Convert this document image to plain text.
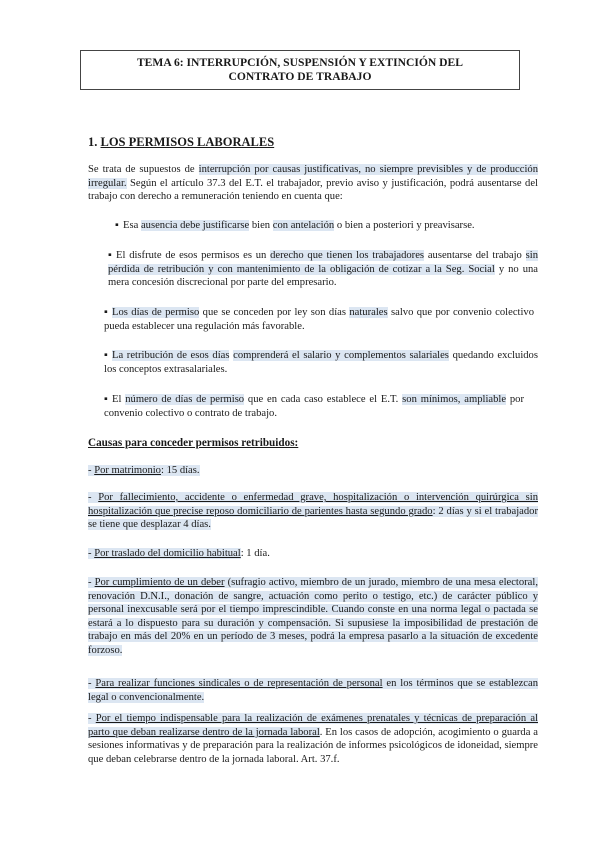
TEMA 6: INTERRUPCIÓN, SUSPENSIÓN Y EXTINCIÓN DEL
CONTRATO DE TRABAJO
1. LOS PERMISOS LABORALES

Se trata de supuestos de interrupción por causas justificativas, no siempre previsibles y de producción irregular. Según el artículo 37.3 del E.T. el trabajador, previo aviso y justificación, podrá ausentarse del trabajo con derecho a remuneración teniendo en cuenta que:

▪ Esa ausencia debe justificarse bien con antelación o bien a posteriori y preavisarse.
▪ El disfrute de esos permisos es un derecho que tienen los trabajadores ausentarse del trabajo sin pérdida de retribución y con mantenimiento de la obligación de cotizar a la Seg. Social y no una mera concesión discrecional por parte del empresario.
▪ Los días de permiso que se conceden por ley son días naturales salvo que por convenio colectivo pueda establecer una regulación más favorable.
▪ La retribución de esos días comprenderá el salario y complementos salariales quedando excluidos los conceptos extrasalariales.
▪ El número de días de permiso que en cada caso establece el E.T. son mínimos, ampliable por convenio colectivo o contrato de trabajo.
Causas para conceder permisos retribuidos:
- Por matrimonio: 15 días.
- Por fallecimiento, accidente o enfermedad grave, hospitalización o intervención quirúrgica sin hospitalización que precise reposo domiciliario de parientes hasta segundo grado: 2 días y si el trabajador se tiene que desplazar 4 días.
- Por traslado del domicilio habitual: 1 día.
- Por cumplimiento de un deber (sufragio activo, miembro de un jurado, miembro de una mesa electoral, renovación D.N.I., donación de sangre, actuación como perito o testigo, etc.) de carácter público y personal inexcusable será por el tiempo imprescindible. Cuando conste en una norma legal o pactada se estará a lo dispuesto para su duración y compensación. Si supusiese la imposibilidad de prestación de trabajo en más del 20% en un período de 3 meses, podrá la empresa pasarlo a la situación de excedente forzoso.
- Para realizar funciones sindicales o de representación de personal en los términos que se establezcan legal o convencionalmente.
- Por el tiempo indispensable para la realización de exámenes prenatales y técnicas de preparación al parto que deban realizarse dentro de la jornada laboral. En los casos de adopción, acogimiento o guarda a sesiones informativas y de preparación para la realización de informes psicológicos de idoneidad, siempre que deban celebrarse dentro de la jornada laboral. Art. 37.f.
